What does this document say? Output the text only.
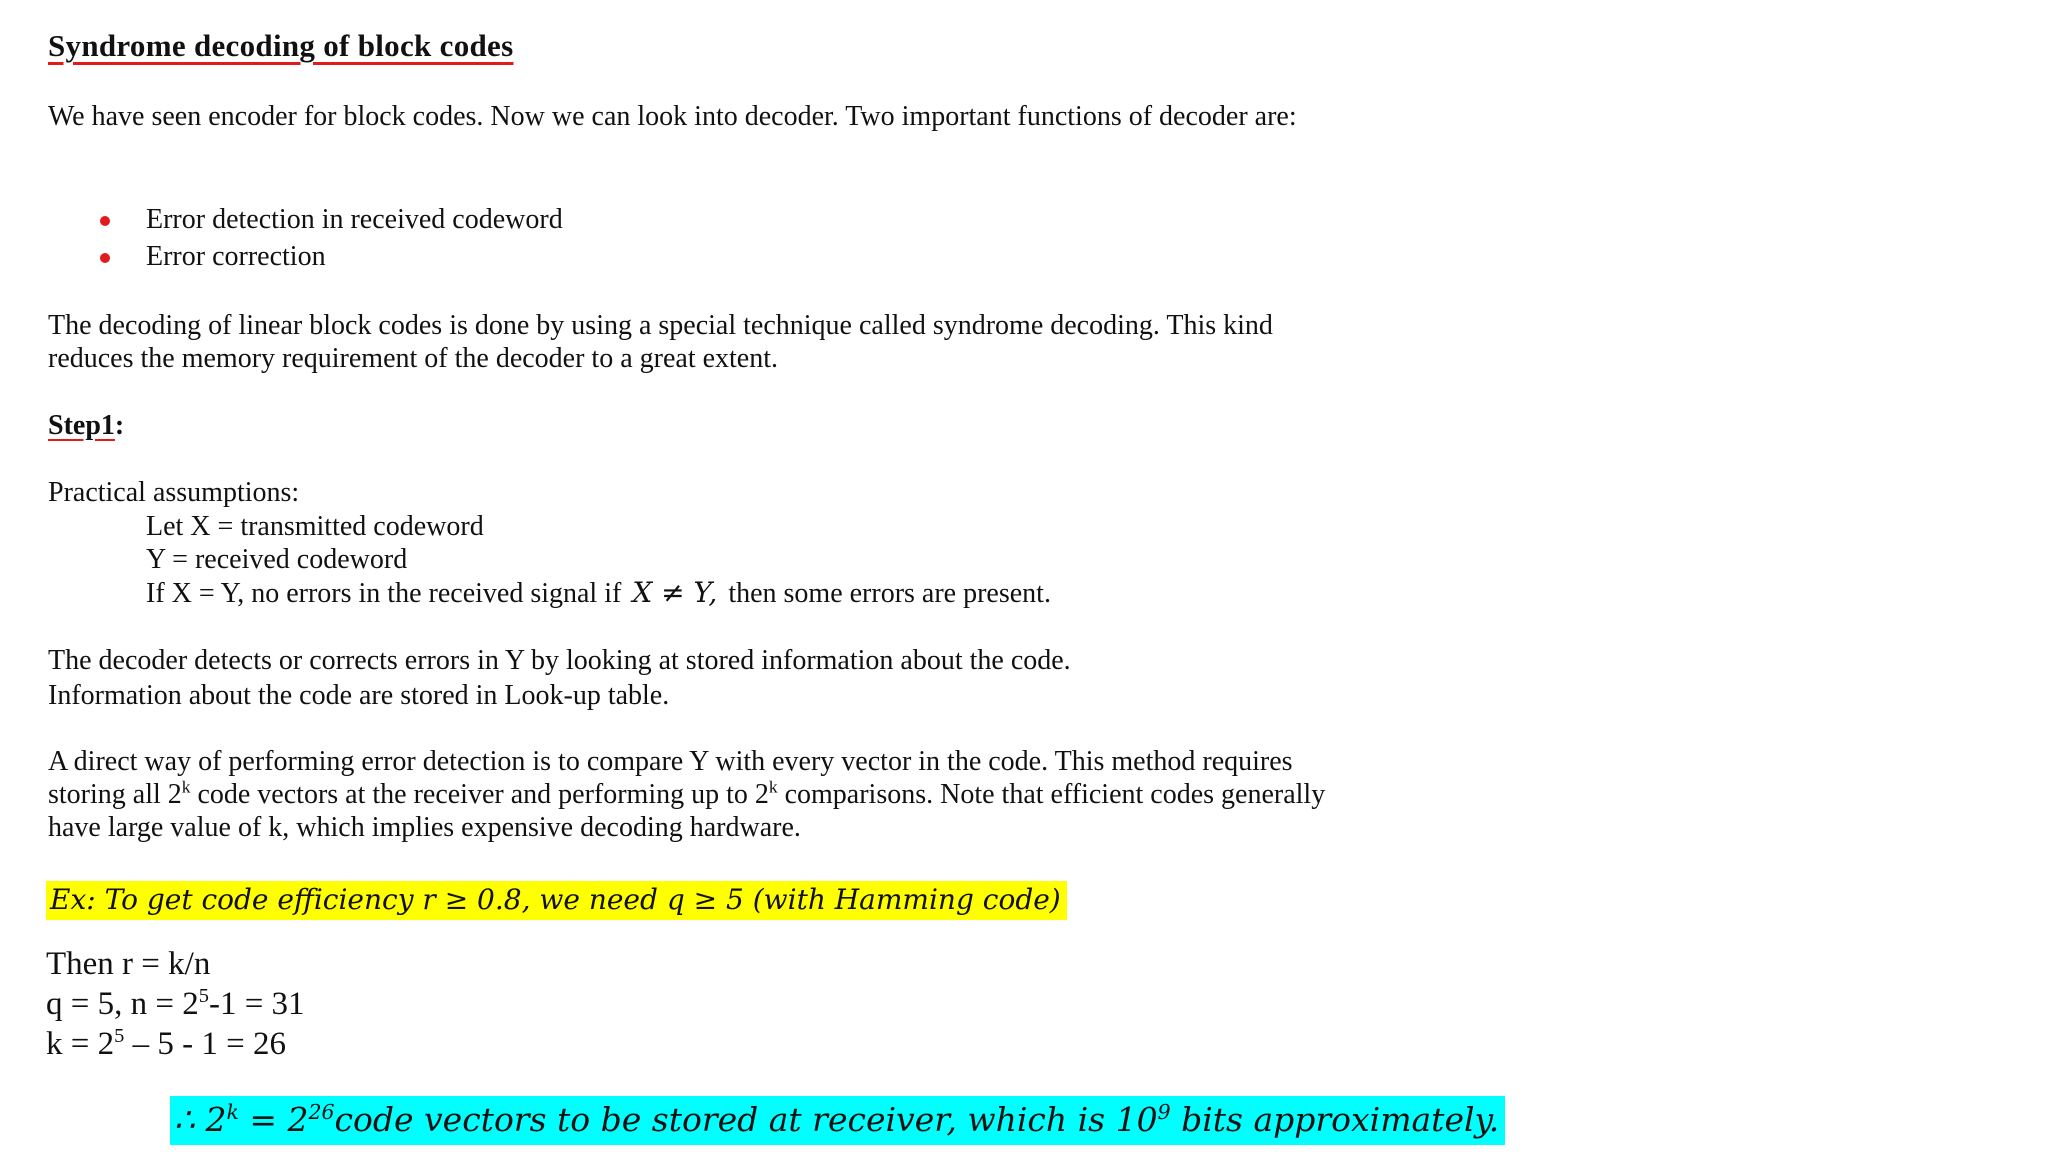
Syndrome decoding of block codes
We have seen encoder for block codes. Now we can look into decoder. Two important functions of decoder are:
Error detection in received codeword
Error correction
The decoding of linear block codes is done by using a special technique called syndrome decoding. This kind
reduces the memory requirement of the decoder to a great extent.
Step1:
Practical assumptions:
Let X = transmitted codeword
Y = received codeword
If X = Y, no errors in the received signal if X ≠ Y, then some errors are present.
The decoder detects or corrects errors in Y by looking at stored information about the code.
Information about the code are stored in Look-up table.
A direct way of performing error detection is to compare Y with every vector in the code. This method requires
storing all 2$^k$ code vectors at the receiver and performing up to 2$^k$ comparisons. Note that efficient codes generally
have large value of k, which implies expensive decoding hardware.
Ex: To get code efficiency r ≥ 0.8, we need q ≥ 5 (with Hamming code)
Then r = k/n
q = 5, $n = 2^5-1 = 31$
$k = 2^5 - 5 - 1 = 26$
∴ $2^k$ = $2^{26}code$ vectors to be stored at receiver, which is $10^9$ bits approximately.
